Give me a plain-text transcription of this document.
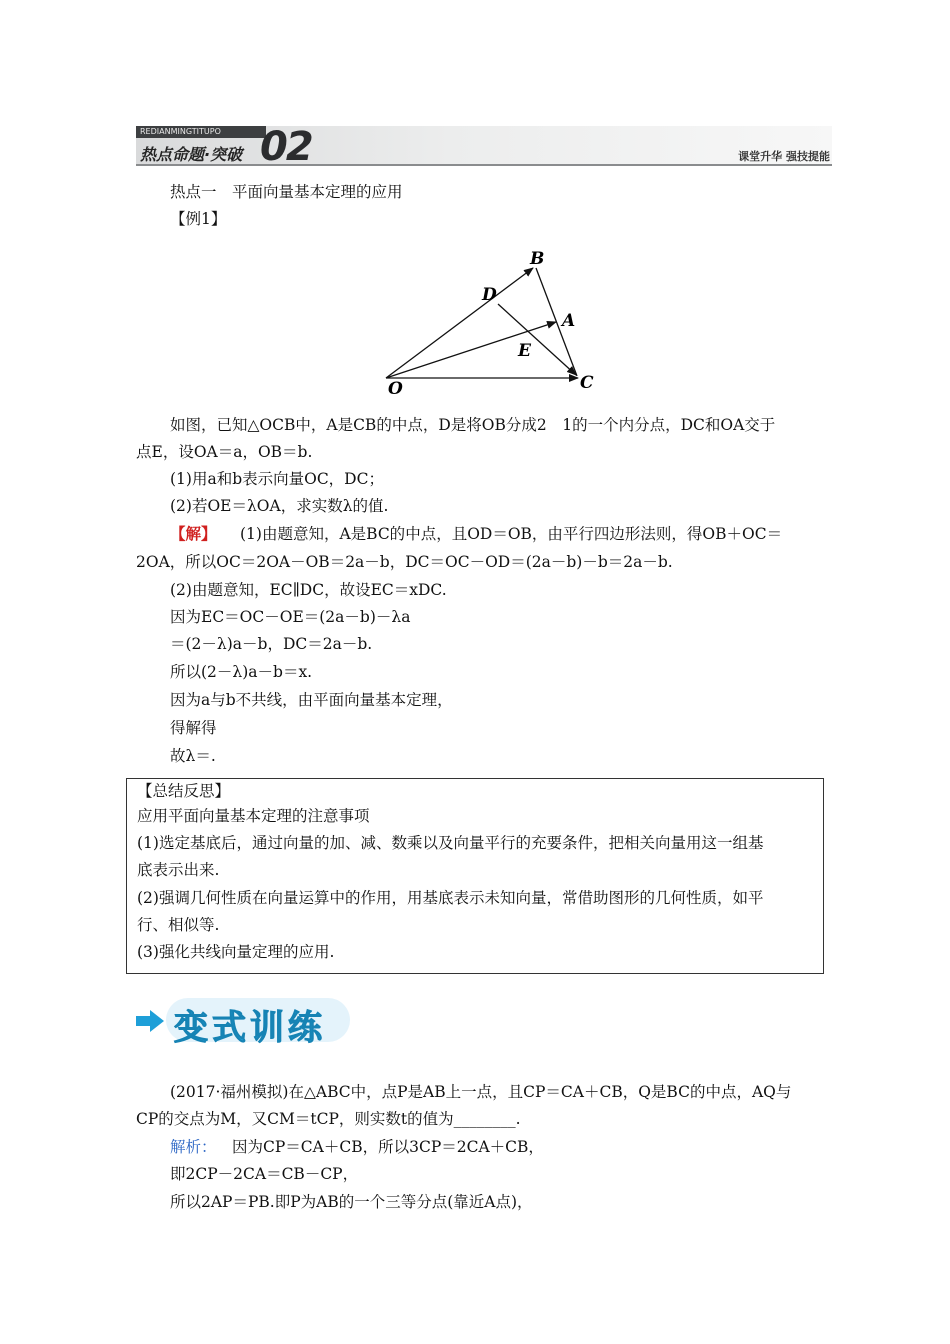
REDIANMINGTITUPO
热点命题·突破 02	课堂升华 强技提能
热点一　平面向量基本定理的应用
【例1】
B
D
A
E
O	C
如图，已知△OCB中，A是CB的中点，D是将OB分成2　1的一个内分点，DC和OA交于
点E，设OA＝a，OB＝b.
(1)用a和b表示向量OC，DC；
(2)若OE＝λOA，求实数λ的值.
【解】 (1)由题意知，A是BC的中点，且OD＝OB，由平行四边形法则，得OB＋OC＝
2OA，所以OC＝2OA－OB＝2a－b，DC＝OC－OD＝(2a－b)－b＝2a－b.
(2)由题意知，EC∥DC，故设EC＝xDC.
因为EC＝OC－OE＝(2a－b)－λa
＝(2－λ)a－b，DC＝2a－b.
所以(2－λ)a－b＝x.
因为a与b不共线，由平面向量基本定理，
得解得
故λ＝.
【总结反思】
应用平面向量基本定理的注意事项
(1)选定基底后，通过向量的加、减、数乘以及向量平行的充要条件，把相关向量用这一组基
底表示出来.
(2)强调几何性质在向量运算中的作用，用基底表示未知向量，常借助图形的几何性质，如平
行、相似等.
(3)强化共线向量定理的应用.
变式训练
(2017·福州模拟)在△ABC中，点P是AB上一点，且CP＝CA＋CB，Q是BC的中点，AQ与
CP的交点为M，又CM＝tCP，则实数t的值为________.
解析： 因为CP＝CA＋CB，所以3CP＝2CA＋CB，
即2CP－2CA＝CB－CP，
所以2AP＝PB.即P为AB的一个三等分点(靠近A点)，
